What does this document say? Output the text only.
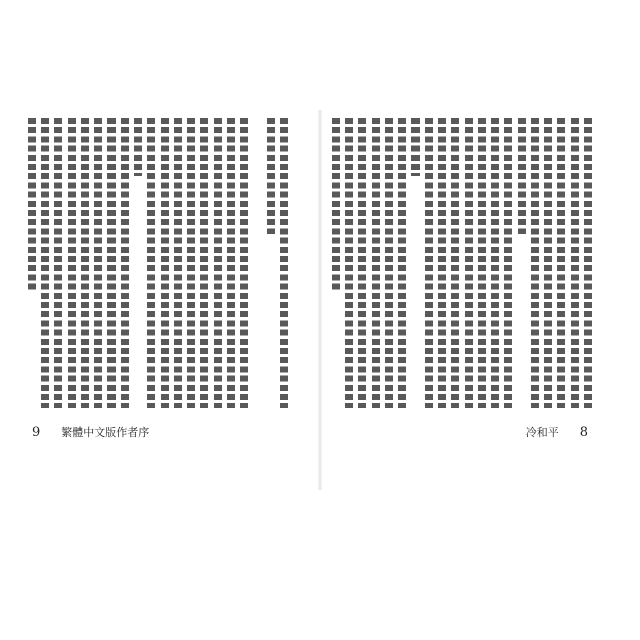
9 繁體中文版作者序	冷和平 8
